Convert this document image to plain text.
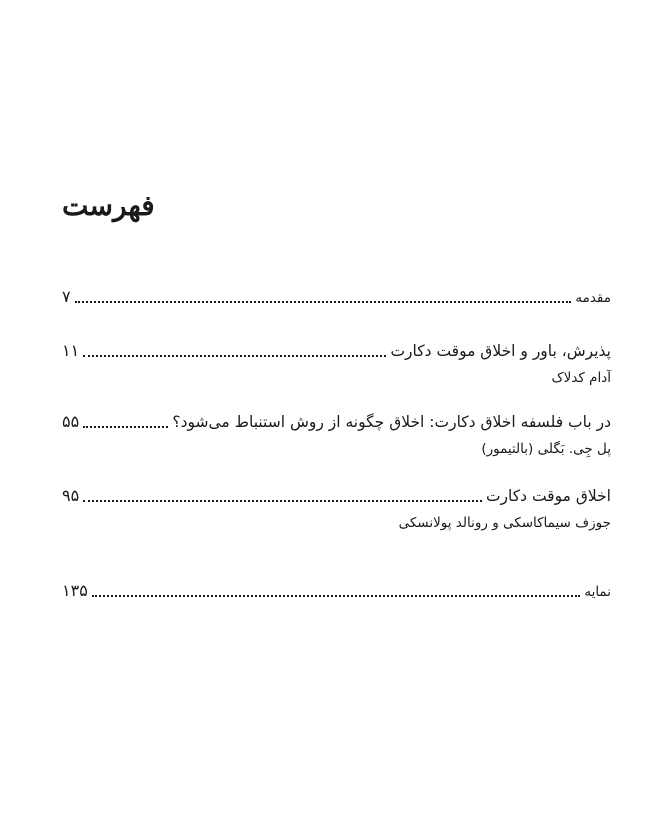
فهرست
۷	مقدمه
۱۱	پذیرش، باور و اخلاق موقت دکارت
آدام کدلاک
۵۵	در باب فلسفه اخلاق دکارت: اخلاق چگونه از روش استنباط می‌شود؟
پل جِی. بَگلی (بالتیمور)
۹۵	اخلاق موقت دکارت
جوزف سیماکاسکی و رونالد پولانسکی
۱۳۵	نمایه
